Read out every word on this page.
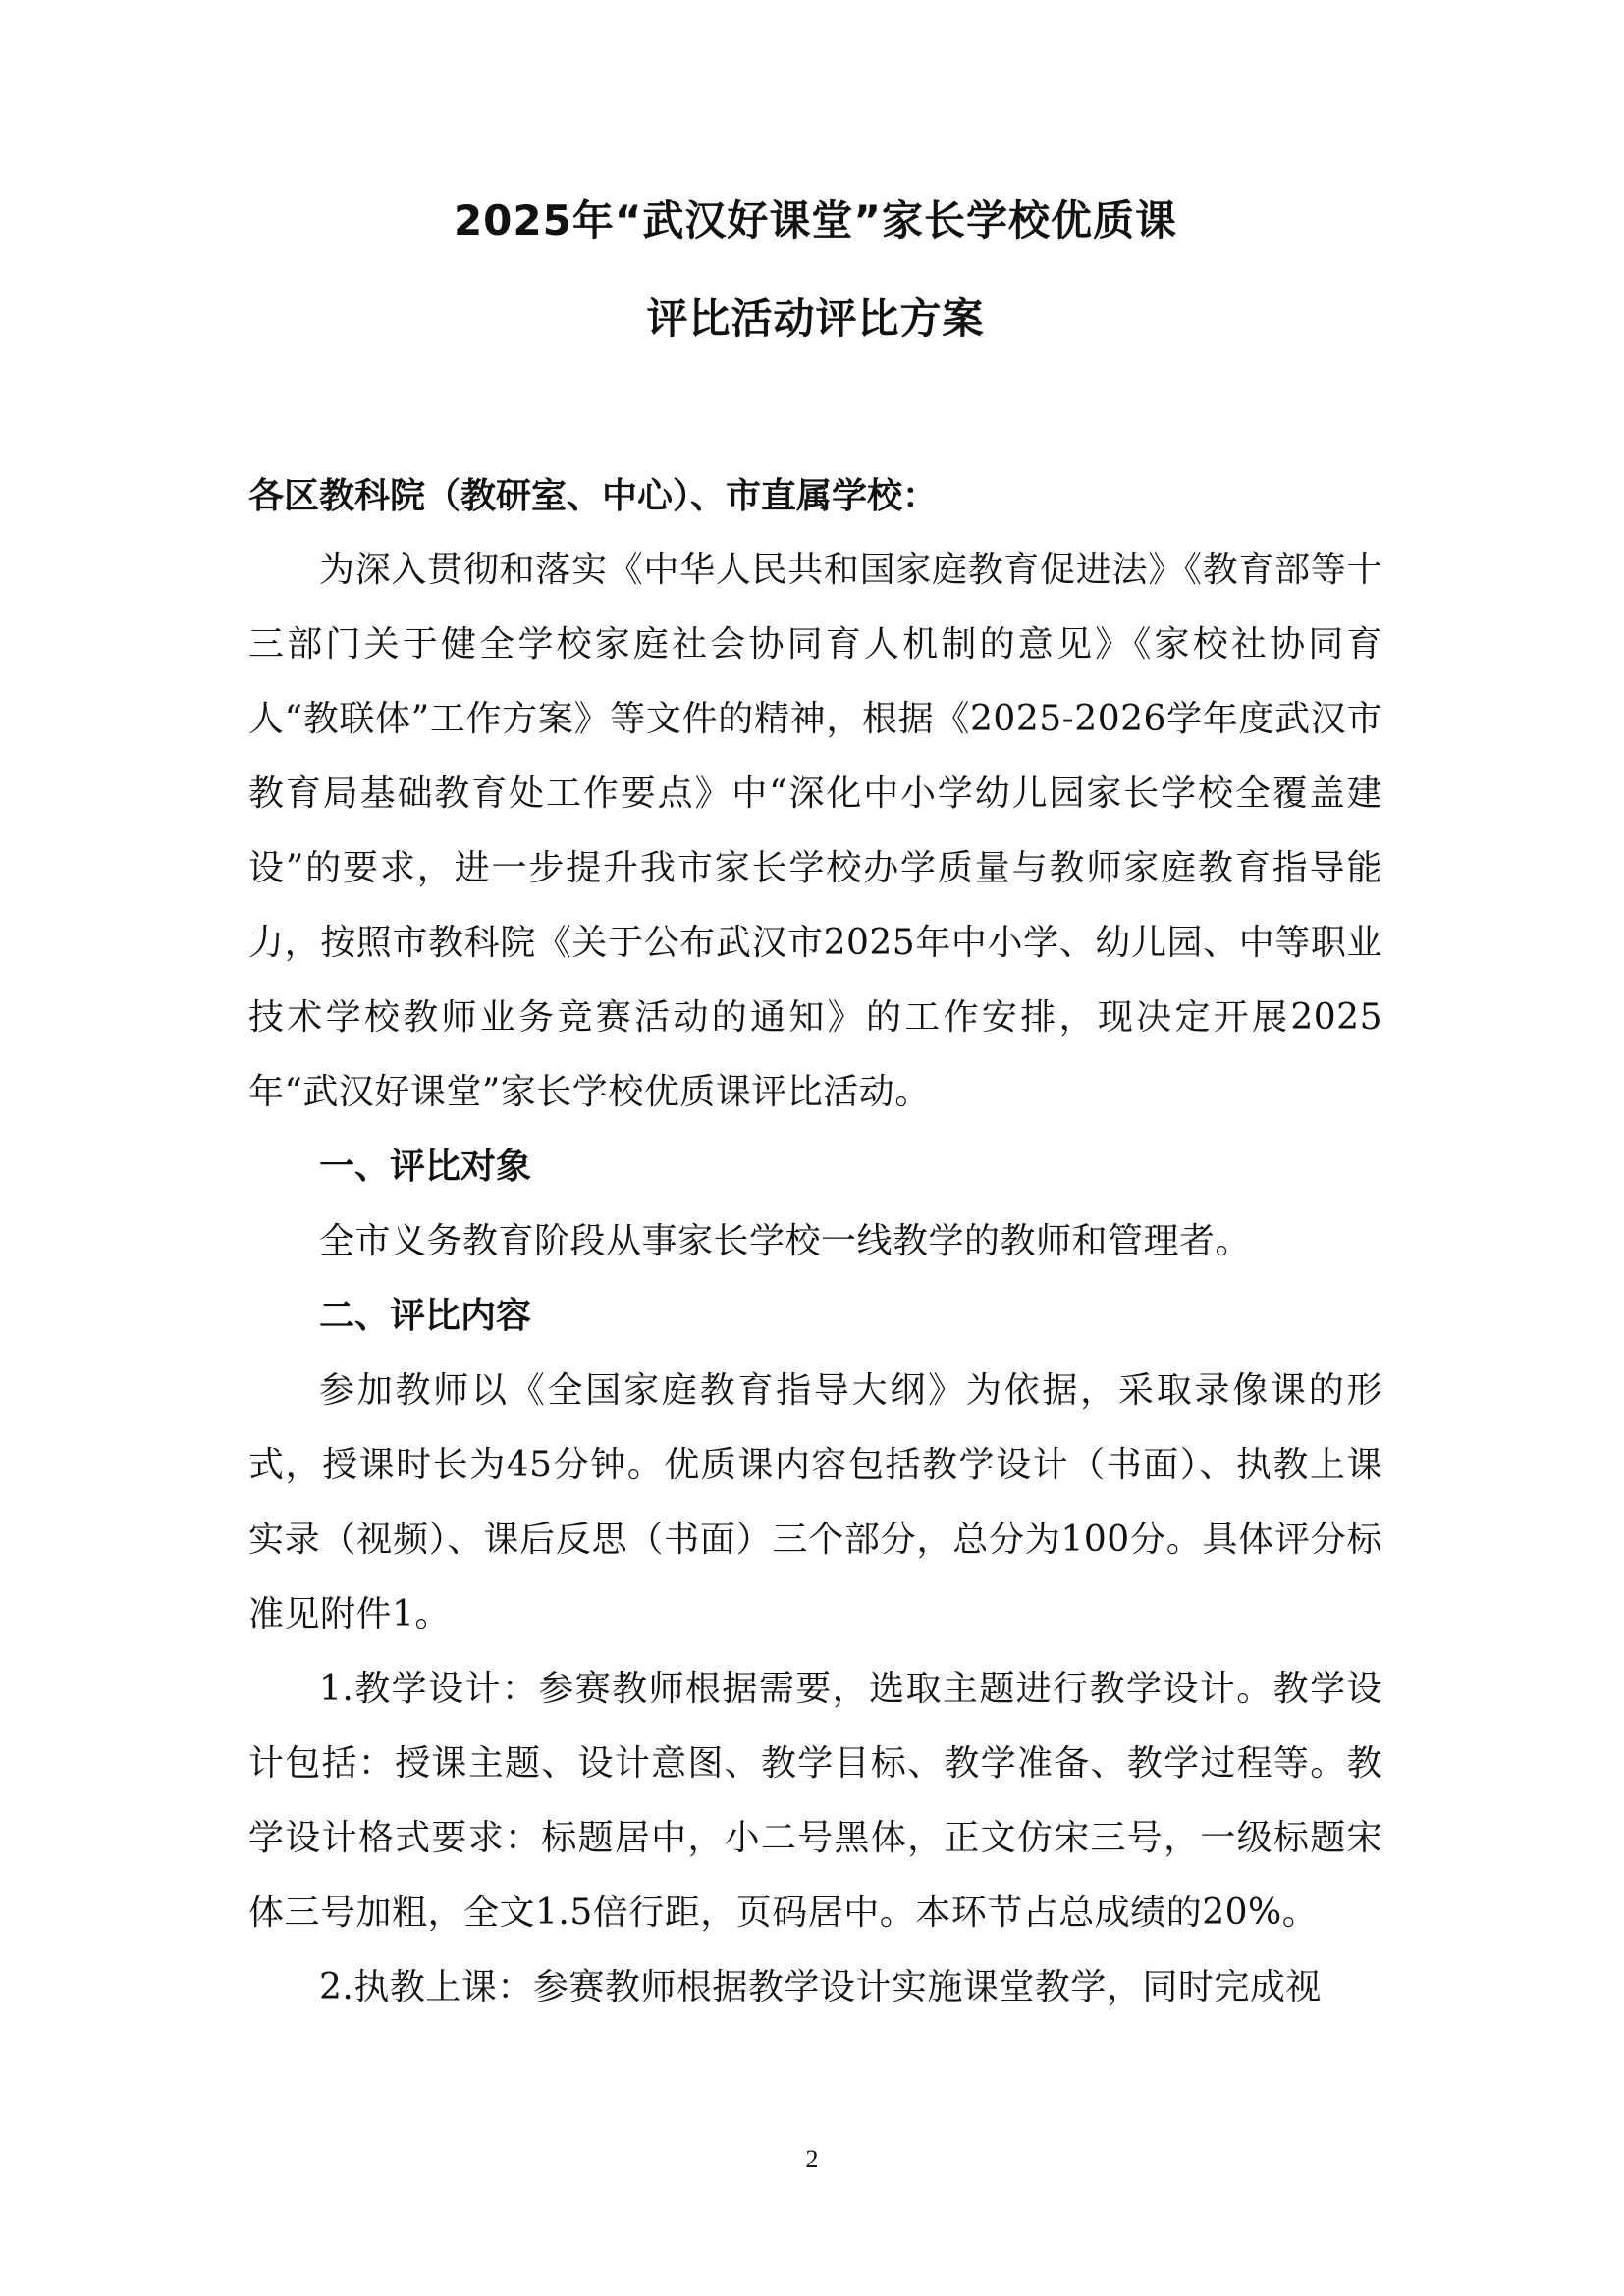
2025年“武汉好课堂”家长学校优质课
评比活动评比方案
各区教科院（教研室、中心）、市直属学校：

为深入贯彻和落实《中华人民共和国家庭教育促进法》《教育部等十三部门关于健全学校家庭社会协同育人机制的意见》《家校社协同育人“教联体”工作方案》等文件的精神，根据《2025-2026学年度武汉市教育局基础教育处工作要点》中“深化中小学幼儿园家长学校全覆盖建设”的要求，进一步提升我市家长学校办学质量与教师家庭教育指导能力，按照市教科院《关于公布武汉市2025年中小学、幼儿园、中等职业技术学校教师业务竞赛活动的通知》的工作安排，现决定开展2025年“武汉好课堂”家长学校优质课评比活动。

一、评比对象

全市义务教育阶段从事家长学校一线教学的教师和管理者。

二、评比内容

参加教师以《全国家庭教育指导大纲》为依据，采取录像课的形式，授课时长为45分钟。优质课内容包括教学设计（书面）、执教上课实录（视频）、课后反思（书面）三个部分，总分为100分。具体评分标准见附件1。

1.教学设计：参赛教师根据需要，选取主题进行教学设计。教学设计包括：授课主题、设计意图、教学目标、教学准备、教学过程等。教学设计格式要求：标题居中，小二号黑体，正文仿宋三号，一级标题宋体三号加粗，全文1.5倍行距，页码居中。本环节占总成绩的20%。

2.执教上课：参赛教师根据教学设计实施课堂教学，同时完成视

2
